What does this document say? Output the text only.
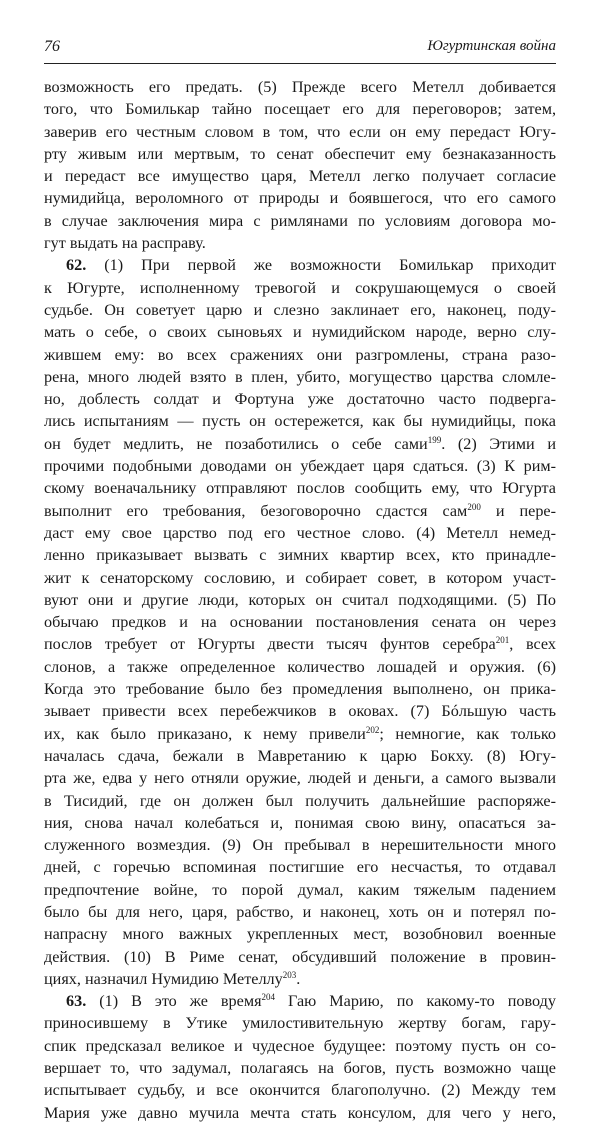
76	Югуртинская война
возможность его предать. (5) Прежде всего Метелл добивается
того, что Бомилькар тайно посещает его для переговоров; затем,
заверив его честным словом в том, что если он ему передаст Югу-
рту живым или мертвым, то сенат обеспечит ему безнаказанность
и передаст все имущество царя, Метелл легко получает согласие
нумидийца, вероломного от природы и боявшегося, что его самого
в случае заключения мира с римлянами по условиям договора мо-
гут выдать на расправу.
62. (1) При первой же возможности Бомилькар приходит
к Югурте, исполненному тревогой и сокрушающемуся о своей
судьбе. Он советует царю и слезно заклинает его, наконец, поду-
мать о себе, о своих сыновьях и нумидийском народе, верно слу-
жившем ему: во всех сражениях они разгромлены, страна разо-
рена, много людей взято в плен, убито, могущество царства сломле-
но, доблесть солдат и Фортуна уже достаточно часто подверга-
лись испытаниям — пусть он остережется, как бы нумидийцы, пока
он будет медлить, не позаботились о себе сами$^{199}$. (2) Этими и
прочими подобными доводами он убеждает царя сдаться. (3) К рим-
скому военачальнику отправляют послов сообщить ему, что Югурта
выполнит его требования, безоговорочно сдастся сам$^{200}$ и пере-
даст ему свое царство под его честное слово. (4) Метелл немед-
ленно приказывает вызвать с зимних квартир всех, кто принадле-
жит к сенаторскому сословию, и собирает совет, в котором участ-
вуют они и другие люди, которых он считал подходящими. (5) По
обычаю предков и на основании постановления сената он через
послов требует от Югурты двести тысяч фунтов серебра$^{201}$, всех
слонов, а также определенное количество лошадей и оружия. (6)
Когда это требование было без промедления выполнено, он прика-
зывает привести всех перебежчиков в оковах. (7) Бóльшую часть
их, как было приказано, к нему привели$^{202}$; немногие, как только
началась сдача, бежали в Мавретанию к царю Бокху. (8) Югу-
рта же, едва у него отняли оружие, людей и деньги, а самого вызвали
в Тисидий, где он должен был получить дальнейшие распоряже-
ния, снова начал колебаться и, понимая свою вину, опасаться за-
служенного возмездия. (9) Он пребывал в нерешительности много
дней, с горечью вспоминая постигшие его несчастья, то отдавал
предпочтение войне, то порой думал, каким тяжелым падением
было бы для него, царя, рабство, и наконец, хоть он и потерял по-
напрасну много важных укрепленных мест, возобновил военные
действия. (10) В Риме сенат, обсудивший положение в провин-
циях, назначил Нумидию Метеллу$^{203}$.
63. (1) В это же время$^{204}$ Гаю Марию, по какому-то поводу
приносившему в Утике умилостивительную жертву богам, гару-
спик предсказал великое и чудесное будущее: поэтому пусть он со-
вершает то, что задумал, полагаясь на богов, пусть возможно чаще
испытывает судьбу, и все окончится благополучно. (2) Между тем
Мария уже давно мучила мечта стать консулом, для чего у него,
